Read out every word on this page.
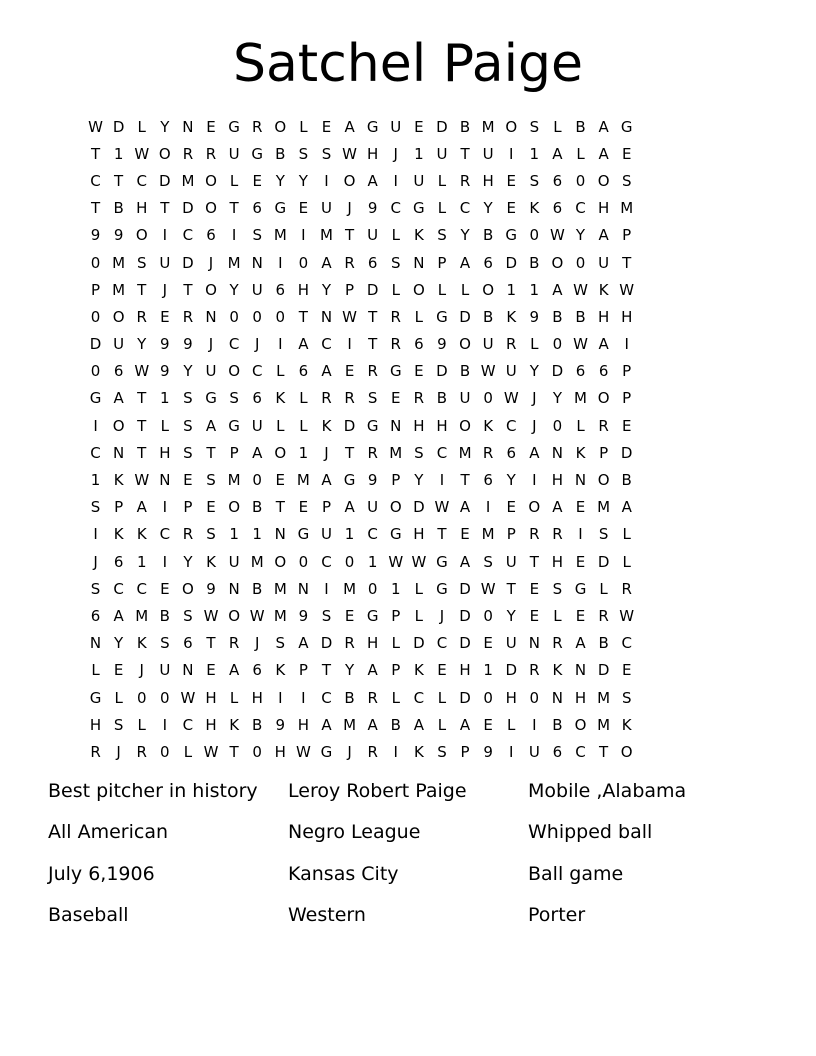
Satchel Paige
W D L Y N E G R O L E A G U E D B M O S L B A G
T 1 W O R R U G B S S W H	J	1 U T U	I	1 A L A E
C T C D M O L E Y Y	I O A	I	U L R H E S 6 0 O S
T B H T D O T 6 G E U	J	9 C G L C Y E K 6 C H M
9 9 O I	C 6	I	S M I M T U L K S Y B G 0 W Y A P
0 M S U D	J M N	I	0 A R 6 S N P A 6 D B O 0 U T
P M T	J	T O Y U 6 H Y P D L O L L O 1 1 A W K W
0 O R E R N 0 0 0 T N W T R L G D B K 9 B B H H
D U Y 9 9	J	C	J	I	A C	I	T R 6 9 O U R L 0 W A	I
0 6 W 9 Y U O C L 6 A E R G E D B W U Y D 6 6 P
G A T 1 S G S 6 K L R R S E R B U 0 W J	Y M O P
I O T L S A G U L L K D G N H H O K C	J	0 L R E
C N T H S T P A O 1	J	T R M S C M R 6 A N K P D
1 K W N E S M 0 E M A G 9 P Y	I	T 6 Y	I	H N O B
S P A	I	P E O B T E P A U O D W A	I	E O A E M A
I	K K C R S 1 1 N G U 1 C G H T E M P R R	I	S L
J	6 1	I	Y K U M O 0 C 0 1 W W G A S U T H E D L
S C C E O 9 N B M N	I M 0 1 L G D W T E S G L R
6 A M B S W O W M 9 S E G P L	J	D 0 Y E L E R W
N Y K S 6 T R	J	S A D R H L D C D E U N R A B C
L E	J	U N E A 6 K P T Y A P K E H 1 D R K N D E
G L 0 0 W H L H	I	I	C B R L C L D 0 H 0 N H M S
H S L	I	C H K B 9 H A M A B A L A E L	I	B O M K
R	J	R 0 L W T 0 H W G	J	R	I	K S P 9	I	U 6 C T O
Best pitcher in history	Leroy Robert Paige	Mobile ,Alabama
All American	Negro League	Whipped ball
July 6,1906	Kansas City	Ball game
Baseball	Western	Porter
